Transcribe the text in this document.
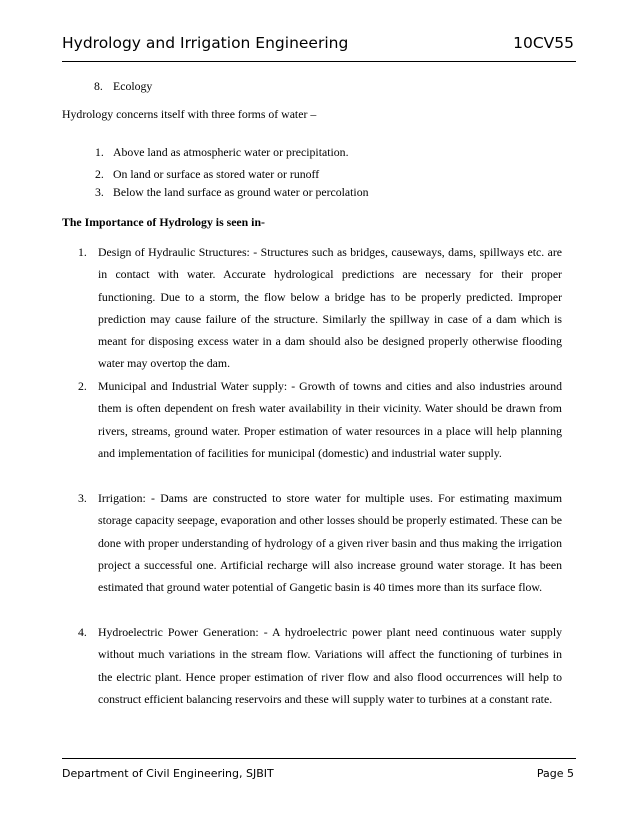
Hydrology and Irrigation Engineering	10CV55
8. Ecology
Hydrology concerns itself with three forms of water –
1. Above land as atmospheric water or precipitation.
2. On land or surface as stored water or runoff
3. Below the land surface as ground water or percolation
The Importance of Hydrology is seen in-
1. Design of Hydraulic Structures: - Structures such as bridges, causeways, dams, spillways etc. are in contact with water. Accurate hydrological predictions are necessary for their proper functioning. Due to a storm, the flow below a bridge has to be properly predicted. Improper prediction may cause failure of the structure. Similarly the spillway in case of a dam which is meant for disposing excess water in a dam should also be designed properly otherwise flooding water may overtop the dam.
2. Municipal and Industrial Water supply: - Growth of towns and cities and also industries around them is often dependent on fresh water availability in their vicinity. Water should be drawn from rivers, streams, ground water. Proper estimation of water resources in a place will help planning and implementation of facilities for municipal (domestic) and industrial water supply.
3. Irrigation: - Dams are constructed to store water for multiple uses. For estimating maximum storage capacity seepage, evaporation and other losses should be properly estimated. These can be done with proper understanding of hydrology of a given river basin and thus making the irrigation project a successful one. Artificial recharge will also increase ground water storage. It has been estimated that ground water potential of Gangetic basin is 40 times more than its surface flow.
4. Hydroelectric Power Generation: - A hydroelectric power plant need continuous water supply without much variations in the stream flow. Variations will affect the functioning of turbines in the electric plant. Hence proper estimation of river flow and also flood occurrences will help to construct efficient balancing reservoirs and these will supply water to turbines at a constant rate.
Department of Civil Engineering, SJBIT	Page 5
